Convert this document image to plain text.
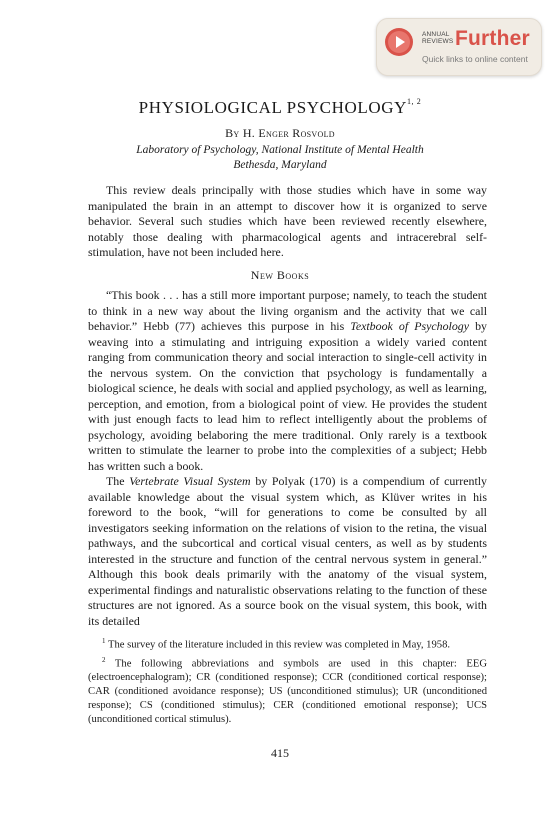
ANNUAL
REVIEWS Further
Quick links to online content
PHYSIOLOGICAL PSYCHOLOGY$^{1, 2}$
By H. Enger Rosvold
Laboratory of Psychology, National Institute of Mental Health
Bethesda, Maryland

This review deals principally with those studies which have in some way manipulated the brain in an attempt to discover how it is organized to serve behavior. Several such studies which have been reviewed recently elsewhere, notably those dealing with pharmacological agents and intracerebral self-stimulation, have not been included here.

New Books

“This book . . . has a still more important purpose; namely, to teach the student to think in a new way about the living organism and the activity that we call behavior.” Hebb (77) achieves this purpose in his Textbook of Psychology by weaving into a stimulating and intriguing exposition a widely varied content ranging from communication theory and social interaction to single-cell activity in the nervous system. On the conviction that psychology is fundamentally a biological science, he deals with social and applied psychology, as well as learning, perception, and emotion, from a biological point of view. He provides the student with just enough facts to lead him to reflect intelligently about the problems of psychology, avoiding belaboring the mere traditional. Only rarely is a textbook written to stimulate the learner to probe into the complexities of a subject; Hebb has written such a book.

The Vertebrate Visual System by Polyak (170) is a compendium of currently available knowledge about the visual system which, as Klüver writes in his foreword to the book, “will for generations to come be consulted by all investigators seeking information on the relations of vision to the retina, the visual pathways, and the subcortical and cortical visual centers, as well as by students interested in the structure and function of the central nervous system in general.” Although this book deals primarily with the anatomy of the visual system, experimental findings and naturalistic observations relating to the function of these structures are not ignored. As a source book on the visual system, this book, with its detailed

$^1$ The survey of the literature included in this review was completed in May, 1958.

$^2$ The following abbreviations and symbols are used in this chapter: EEG (electroencephalogram); CR (conditioned response); CCR (conditioned cortical response); CAR (conditioned avoidance response); US (unconditioned stimulus); UR (unconditioned response); CS (conditioned stimulus); CER (conditioned emotional response); UCS (unconditioned cortical stimulus).

415
